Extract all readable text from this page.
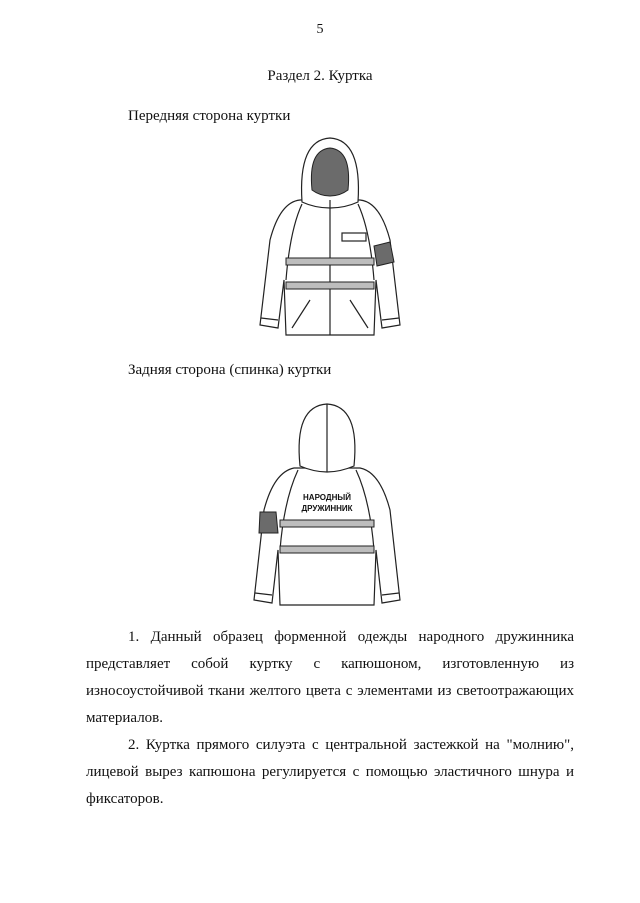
5
Раздел 2. Куртка
Передняя сторона куртки
Задняя сторона (спинка) куртки
НАРОДНЫЙ
ДРУЖИННИК
1. Данный образец форменной одежды народного дружинника представляет собой куртку с капюшоном, изготовленную из износоустойчивой ткани желтого цвета с элементами из светоотражающих материалов.
2. Куртка прямого силуэта с центральной застежкой на "молнию", лицевой вырез капюшона регулируется с помощью эластичного шнура и фиксаторов.
